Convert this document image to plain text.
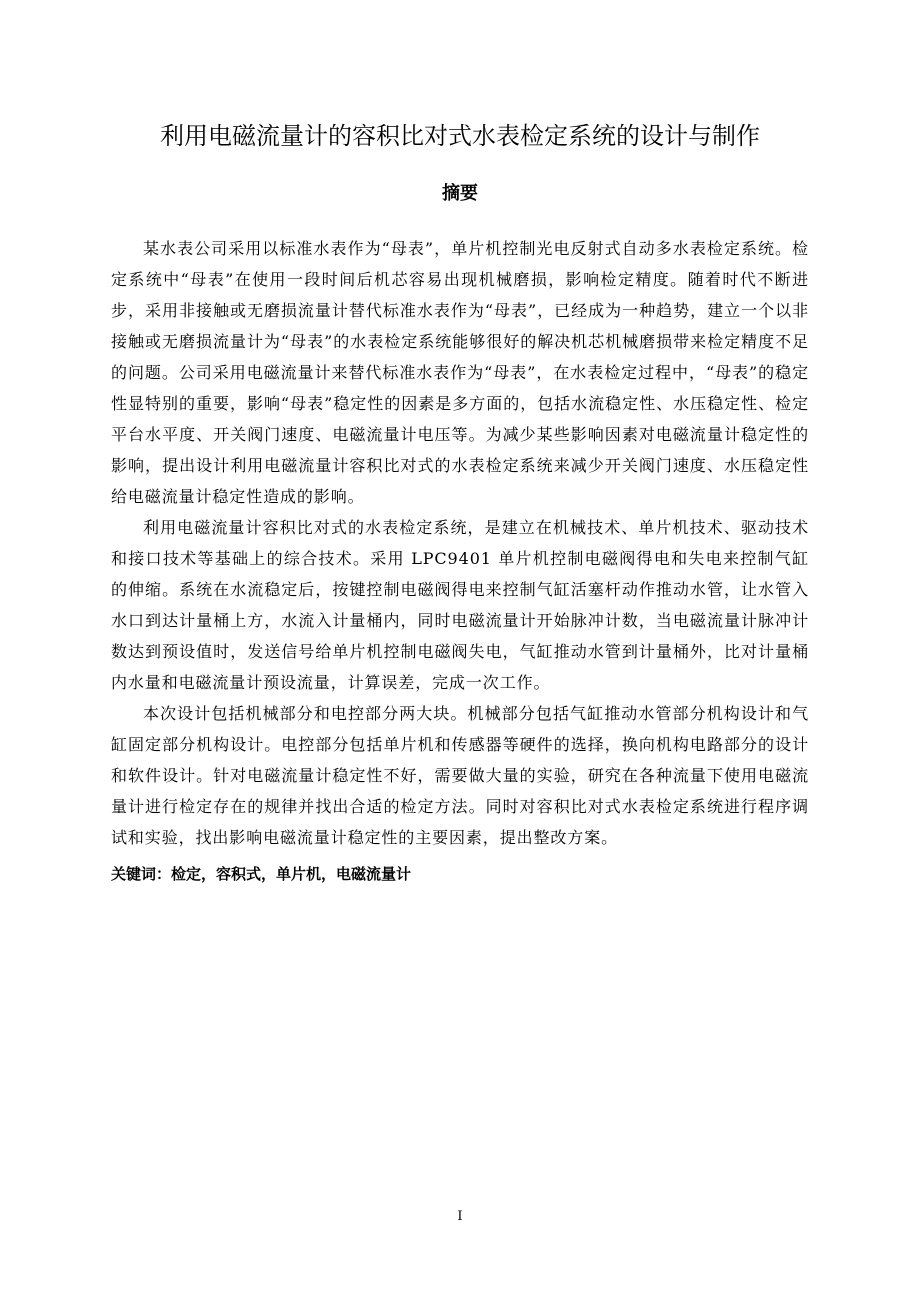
利用电磁流量计的容积比对式水表检定系统的设计与制作
摘要

某水表公司采用以标准水表作为“母表”，单片机控制光电反射式自动多水表检定系统。检定系统中“母表”在使用一段时间后机芯容易出现机械磨损，影响检定精度。随着时代不断进步，采用非接触或无磨损流量计替代标准水表作为“母表”，已经成为一种趋势，建立一个以非接触或无磨损流量计为“母表”的水表检定系统能够很好的解决机芯机械磨损带来检定精度不足的问题。公司采用电磁流量计来替代标准水表作为“母表”，在水表检定过程中，“母表”的稳定性显特别的重要，影响“母表”稳定性的因素是多方面的，包括水流稳定性、水压稳定性、检定平台水平度、开关阀门速度、电磁流量计电压等。为减少某些影响因素对电磁流量计稳定性的影响，提出设计利用电磁流量计容积比对式的水表检定系统来减少开关阀门速度、水压稳定性给电磁流量计稳定性造成的影响。

利用电磁流量计容积比对式的水表检定系统，是建立在机械技术、单片机技术、驱动技术和接口技术等基础上的综合技术。采用 LPC9401 单片机控制电磁阀得电和失电来控制气缸的伸缩。系统在水流稳定后，按键控制电磁阀得电来控制气缸活塞杆动作推动水管，让水管入水口到达计量桶上方，水流入计量桶内，同时电磁流量计开始脉冲计数，当电磁流量计脉冲计数达到预设值时，发送信号给单片机控制电磁阀失电，气缸推动水管到计量桶外，比对计量桶内水量和电磁流量计预设流量，计算误差，完成一次工作。

本次设计包括机械部分和电控部分两大块。机械部分包括气缸推动水管部分机构设计和气缸固定部分机构设计。电控部分包括单片机和传感器等硬件的选择，换向机构电路部分的设计和软件设计。针对电磁流量计稳定性不好，需要做大量的实验，研究在各种流量下使用电磁流量计进行检定存在的规律并找出合适的检定方法。同时对容积比对式水表检定系统进行程序调试和实验，找出影响电磁流量计稳定性的主要因素，提出整改方案。

关键词：检定，容积式，单片机，电磁流量计

I
